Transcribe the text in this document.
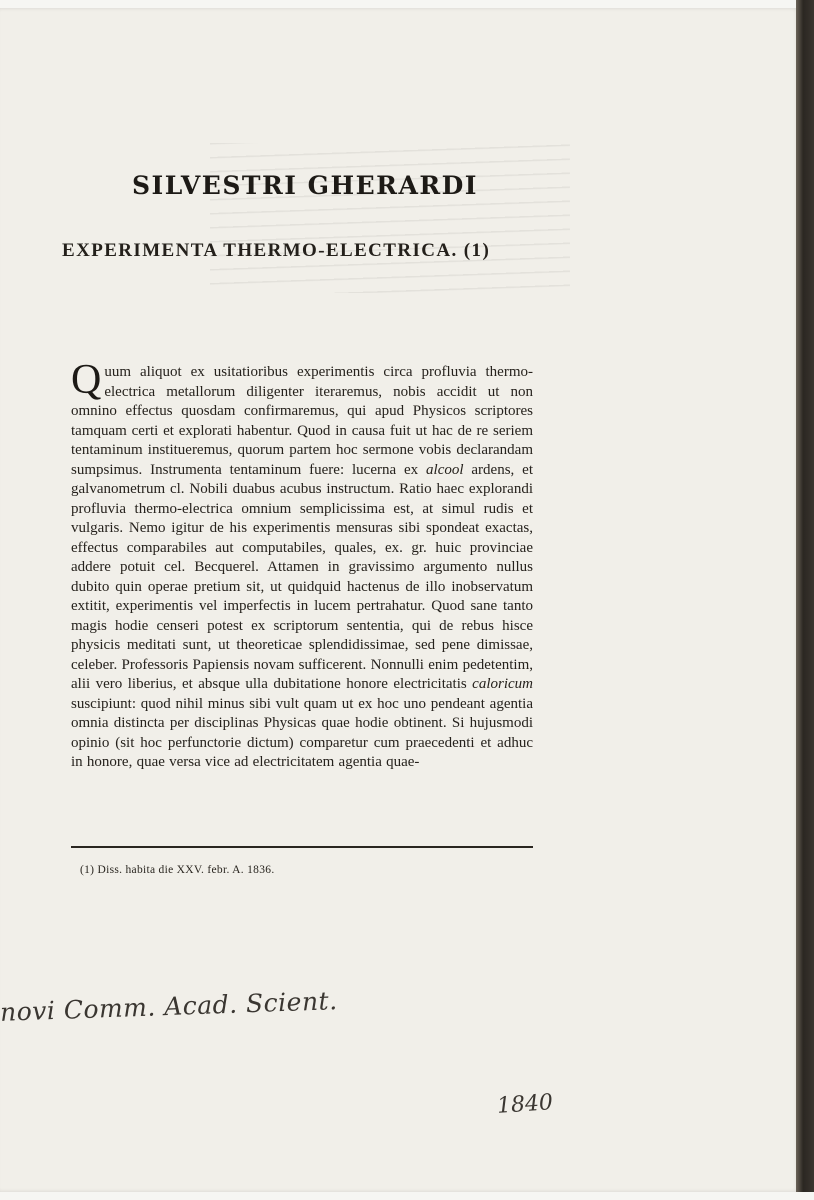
SILVESTRI GHERARDI
EXPERIMENTA THERMO-ELECTRICA. (1)

Quum aliquot ex usitatioribus experimentis circa profluvia thermo-electrica metallorum diligenter iteraremus, nobis accidit ut non omnino effectus quosdam confirmaremus, qui apud Physicos scriptores tamquam certi et explorati habentur. Quod in causa fuit ut hac de re seriem tentaminum institueremus, quorum partem hoc sermone vobis declarandam sumpsimus. Instrumenta tentaminum fuere: lucerna ex alcool ardens, et galvanometrum cl. Nobili duabus acubus instructum. Ratio haec explorandi profluvia thermo-electrica omnium semplicissima est, at simul rudis et vulgaris. Nemo igitur de his experimentis mensuras sibi spondeat exactas, effectus comparabiles aut computabiles, quales, ex. gr. huic provinciae addere potuit cel. Becquerel. Attamen in gravissimo argumento nullus dubito quin operae pretium sit, ut quidquid hactenus de illo inobservatum extitit, experimentis vel imperfectis in lucem pertrahatur. Quod sane tanto magis hodie censeri potest ex scriptorum sententia, qui de rebus hisce physicis meditati sunt, ut theoreticae splendidissimae, sed pene dimissae, celeber. Professoris Papiensis novam sufficerent. Nonnulli enim pedetentim, alii vero liberius, et absque ulla dubitatione honore electricitatis caloricum suscipiunt: quod nihil minus sibi vult quam ut ex hoc uno pendeant agentia omnia distincta per disciplinas Physicas quae hodie obtinent. Si hujusmodi opinio (sit hoc perfunctorie dictum) comparetur cum praecedenti et adhuc in honore, quae versa vice ad electricitatem agentia quae-

(1) Diss. habita die XXV. febr. A. 1836.

novi Comm. Acad. Scient.

1840
